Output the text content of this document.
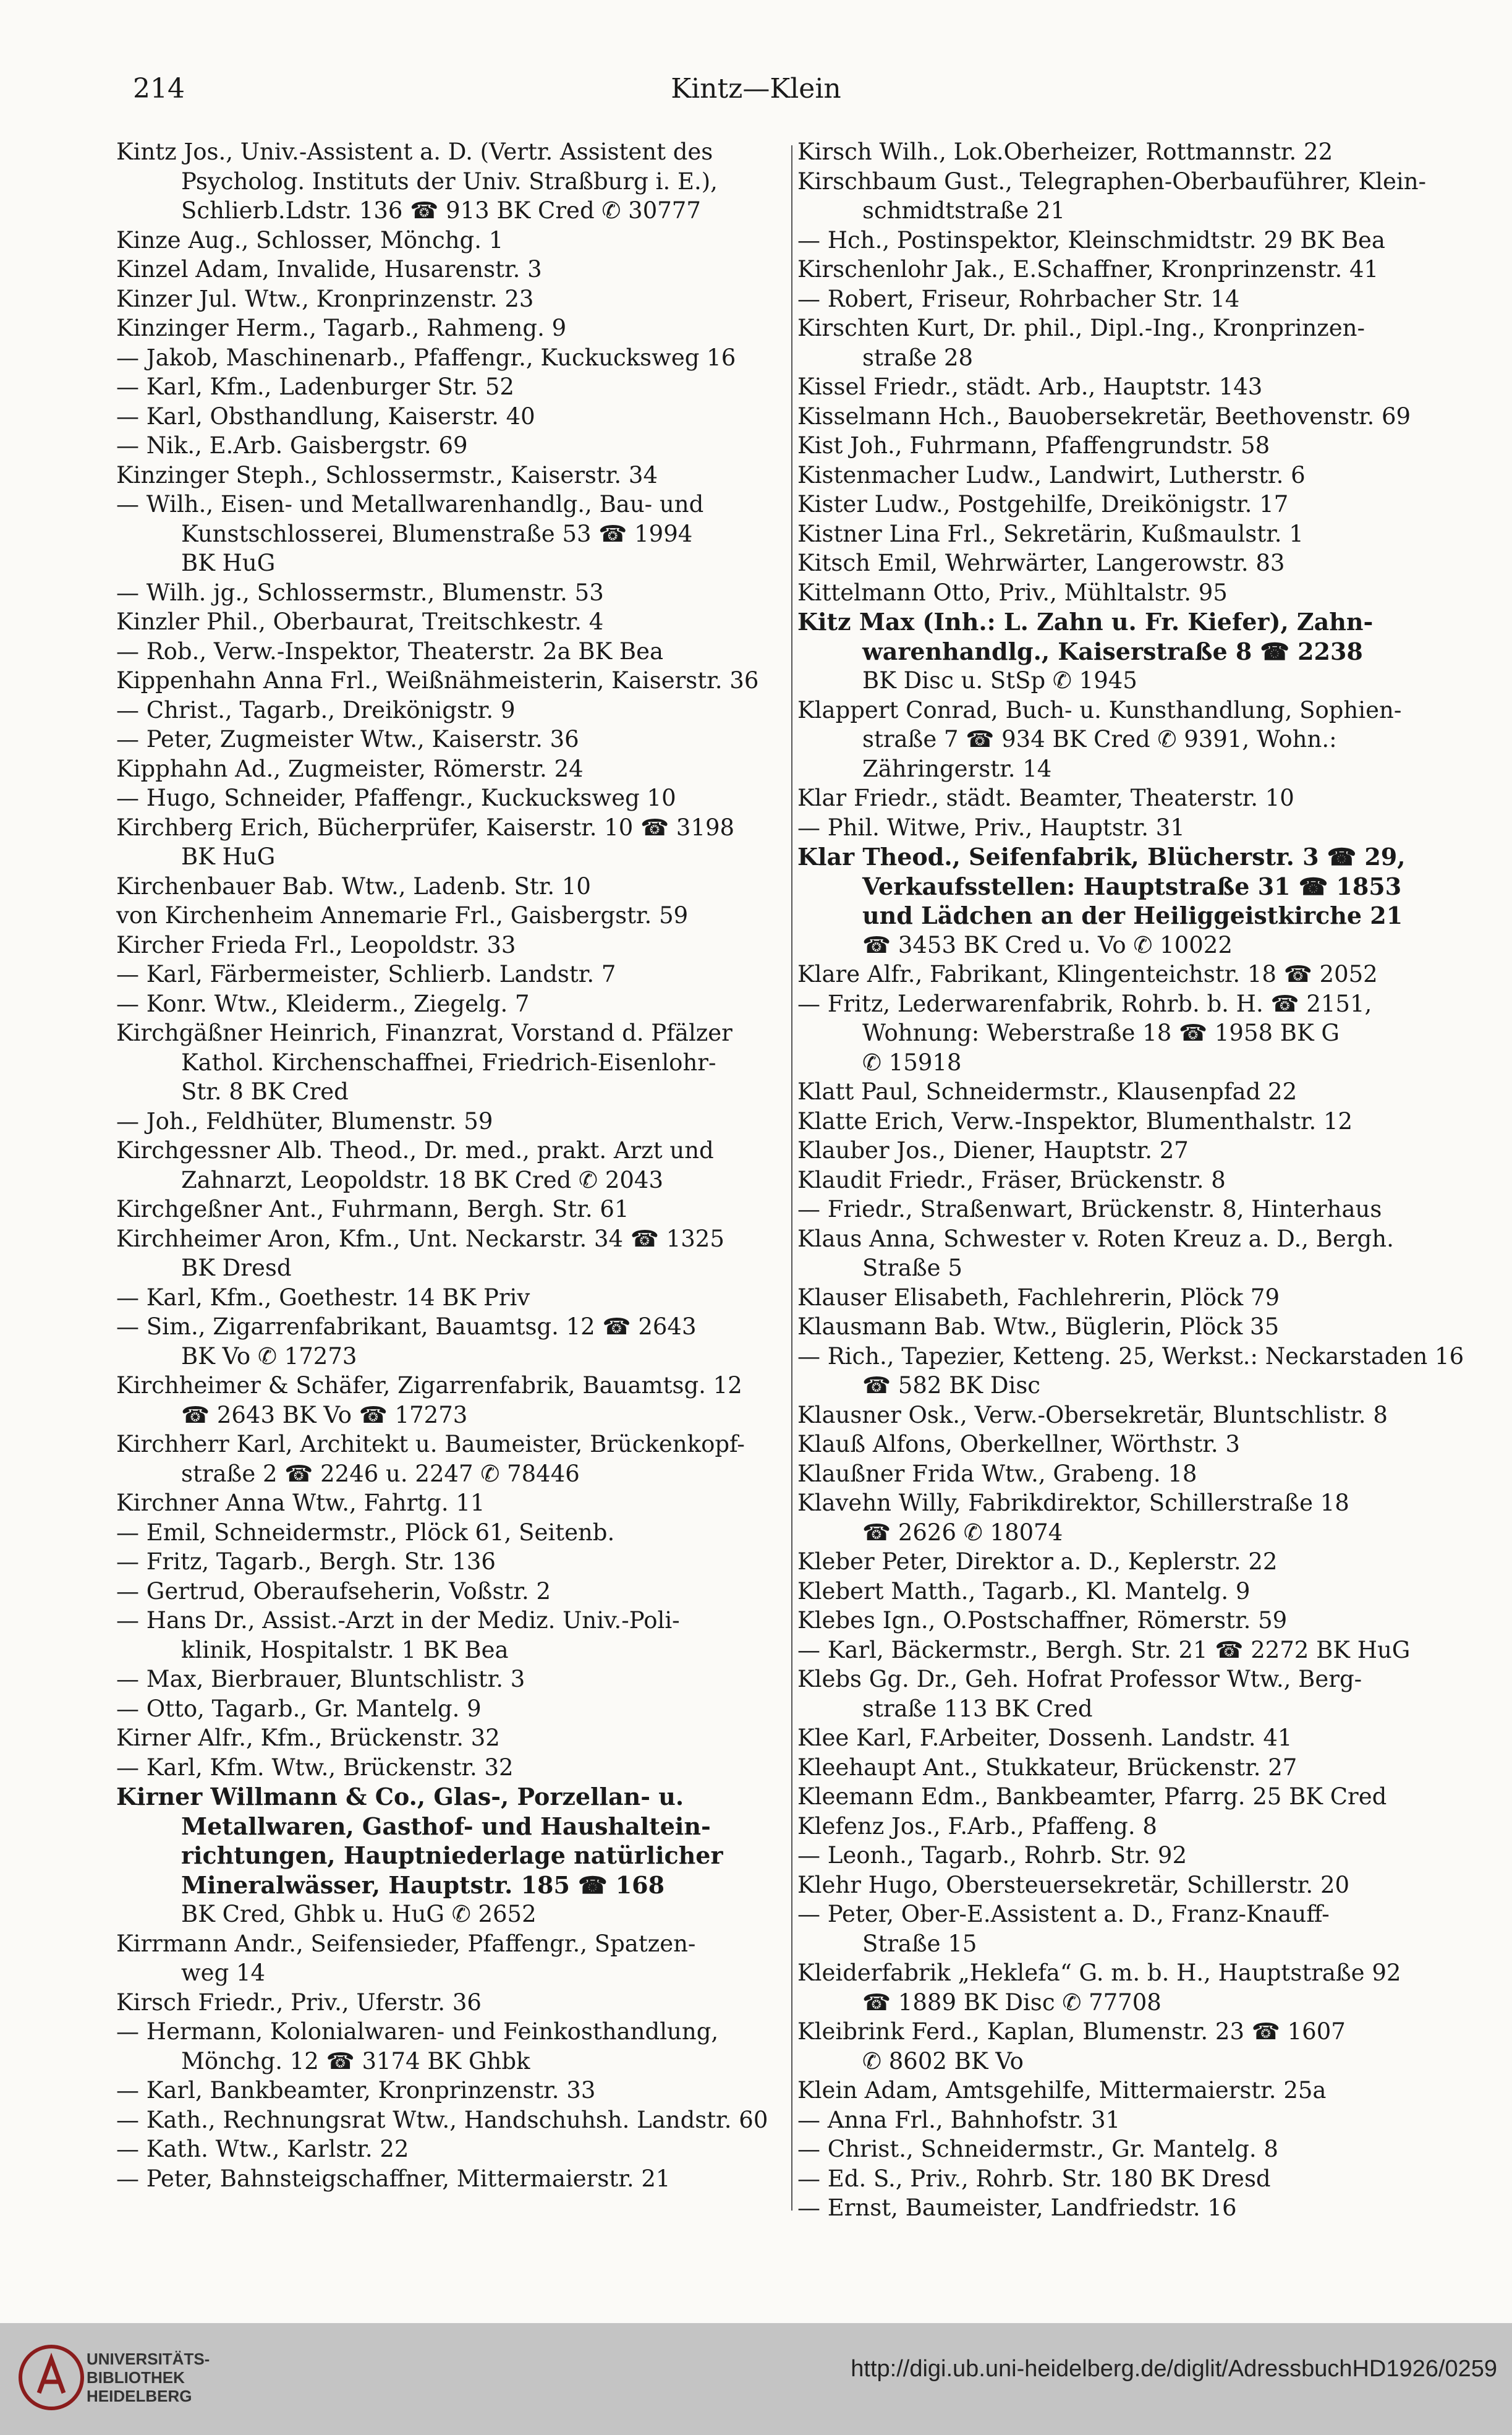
214	Kintz—Klein
Kintz Jos., Univ.-Assistent a. D. (Vertr. Assistent des
Psycholog. Instituts der Univ. Straßburg i. E.),
Schlierb.Ldstr. 136 ☎ 913 BK Cred ✆ 30777
Kinze Aug., Schlosser, Mönchg. 1
Kinzel Adam, Invalide, Husarenstr. 3
Kinzer Jul. Wtw., Kronprinzenstr. 23
Kinzinger Herm., Tagarb., Rahmeng. 9
— Jakob, Maschinenarb., Pfaffengr., Kuckucksweg 16
— Karl, Kfm., Ladenburger Str. 52
— Karl, Obsthandlung, Kaiserstr. 40
— Nik., E.Arb. Gaisbergstr. 69
Kinzinger Steph., Schlossermstr., Kaiserstr. 34
— Wilh., Eisen- und Metallwarenhandlg., Bau- und
Kunstschlosserei, Blumenstraße 53 ☎ 1994
BK HuG
— Wilh. jg., Schlossermstr., Blumenstr. 53
Kinzler Phil., Oberbaurat, Treitschkestr. 4
— Rob., Verw.-Inspektor, Theaterstr. 2a BK Bea
Kippenhahn Anna Frl., Weißnähmeisterin, Kaiserstr. 36
— Christ., Tagarb., Dreikönigstr. 9
— Peter, Zugmeister Wtw., Kaiserstr. 36
Kipphahn Ad., Zugmeister, Römerstr. 24
— Hugo, Schneider, Pfaffengr., Kuckucksweg 10
Kirchberg Erich, Bücherprüfer, Kaiserstr. 10 ☎ 3198
BK HuG
Kirchenbauer Bab. Wtw., Ladenb. Str. 10
von Kirchenheim Annemarie Frl., Gaisbergstr. 59
Kircher Frieda Frl., Leopoldstr. 33
— Karl, Färbermeister, Schlierb. Landstr. 7
— Konr. Wtw., Kleiderm., Ziegelg. 7
Kirchgäßner Heinrich, Finanzrat, Vorstand d. Pfälzer
Kathol. Kirchenschaffnei, Friedrich-Eisenlohr-
Str. 8 BK Cred
— Joh., Feldhüter, Blumenstr. 59
Kirchgessner Alb. Theod., Dr. med., prakt. Arzt und
Zahnarzt, Leopoldstr. 18 BK Cred ✆ 2043
Kirchgeßner Ant., Fuhrmann, Bergh. Str. 61
Kirchheimer Aron, Kfm., Unt. Neckarstr. 34 ☎ 1325
BK Dresd
— Karl, Kfm., Goethestr. 14 BK Priv
— Sim., Zigarrenfabrikant, Bauamtsg. 12 ☎ 2643
BK Vo ✆ 17273
Kirchheimer & Schäfer, Zigarrenfabrik, Bauamtsg. 12
☎ 2643 BK Vo ☎ 17273
Kirchherr Karl, Architekt u. Baumeister, Brückenkopf-
straße 2 ☎ 2246 u. 2247 ✆ 78446
Kirchner Anna Wtw., Fahrtg. 11
— Emil, Schneidermstr., Plöck 61, Seitenb.
— Fritz, Tagarb., Bergh. Str. 136
— Gertrud, Oberaufseherin, Voßstr. 2
— Hans Dr., Assist.-Arzt in der Mediz. Univ.-Poli-
klinik, Hospitalstr. 1 BK Bea
— Max, Bierbrauer, Bluntschlistr. 3
— Otto, Tagarb., Gr. Mantelg. 9
Kirner Alfr., Kfm., Brückenstr. 32
— Karl, Kfm. Wtw., Brückenstr. 32
Kirner Willmann & Co., Glas-, Porzellan- u.
Metallwaren, Gasthof- und Haushaltein-
richtungen, Hauptniederlage natürlicher
Mineralwässer, Hauptstr. 185 ☎ 168
BK Cred, Ghbk u. HuG ✆ 2652
Kirrmann Andr., Seifensieder, Pfaffengr., Spatzen-
weg 14
Kirsch Friedr., Priv., Uferstr. 36
— Hermann, Kolonialwaren- und Feinkosthandlung,
Mönchg. 12 ☎ 3174 BK Ghbk
— Karl, Bankbeamter, Kronprinzenstr. 33
— Kath., Rechnungsrat Wtw., Handschuhsh. Landstr. 60
— Kath. Wtw., Karlstr. 22
— Peter, Bahnsteigschaffner, Mittermaierstr. 21
Kirsch Wilh., Lok.Oberheizer, Rottmannstr. 22
Kirschbaum Gust., Telegraphen-Oberbauführer, Klein-
schmidtstraße 21
— Hch., Postinspektor, Kleinschmidtstr. 29 BK Bea
Kirschenlohr Jak., E.Schaffner, Kronprinzenstr. 41
— Robert, Friseur, Rohrbacher Str. 14
Kirschten Kurt, Dr. phil., Dipl.-Ing., Kronprinzen-
straße 28
Kissel Friedr., städt. Arb., Hauptstr. 143
Kisselmann Hch., Bauobersekretär, Beethovenstr. 69
Kist Joh., Fuhrmann, Pfaffengrundstr. 58
Kistenmacher Ludw., Landwirt, Lutherstr. 6
Kister Ludw., Postgehilfe, Dreikönigstr. 17
Kistner Lina Frl., Sekretärin, Kußmaulstr. 1
Kitsch Emil, Wehrwärter, Langerowstr. 83
Kittelmann Otto, Priv., Mühltalstr. 95
Kitz Max (Inh.: L. Zahn u. Fr. Kiefer), Zahn-
warenhandlg., Kaiserstraße 8 ☎ 2238
BK Disc u. StSp ✆ 1945
Klappert Conrad, Buch- u. Kunsthandlung, Sophien-
straße 7 ☎ 934 BK Cred ✆ 9391, Wohn.:
Zähringerstr. 14
Klar Friedr., städt. Beamter, Theaterstr. 10
— Phil. Witwe, Priv., Hauptstr. 31
Klar Theod., Seifenfabrik, Blücherstr. 3 ☎ 29,
Verkaufsstellen: Hauptstraße 31 ☎ 1853
und Lädchen an der Heiliggeistkirche 21
☎ 3453 BK Cred u. Vo ✆ 10022
Klare Alfr., Fabrikant, Klingenteichstr. 18 ☎ 2052
— Fritz, Lederwarenfabrik, Rohrb. b. H. ☎ 2151,
Wohnung: Weberstraße 18 ☎ 1958 BK G
✆ 15918
Klatt Paul, Schneidermstr., Klausenpfad 22
Klatte Erich, Verw.-Inspektor, Blumenthalstr. 12
Klauber Jos., Diener, Hauptstr. 27
Klaudit Friedr., Fräser, Brückenstr. 8
— Friedr., Straßenwart, Brückenstr. 8, Hinterhaus
Klaus Anna, Schwester v. Roten Kreuz a. D., Bergh.
Straße 5
Klauser Elisabeth, Fachlehrerin, Plöck 79
Klausmann Bab. Wtw., Büglerin, Plöck 35
— Rich., Tapezier, Ketteng. 25, Werkst.: Neckarstaden 16
☎ 582 BK Disc
Klausner Osk., Verw.-Obersekretär, Bluntschlistr. 8
Klauß Alfons, Oberkellner, Wörthstr. 3
Klaußner Frida Wtw., Grabeng. 18
Klavehn Willy, Fabrikdirektor, Schillerstraße 18
☎ 2626 ✆ 18074
Kleber Peter, Direktor a. D., Keplerstr. 22
Klebert Matth., Tagarb., Kl. Mantelg. 9
Klebes Ign., O.Postschaffner, Römerstr. 59
— Karl, Bäckermstr., Bergh. Str. 21 ☎ 2272 BK HuG
Klebs Gg. Dr., Geh. Hofrat Professor Wtw., Berg-
straße 113 BK Cred
Klee Karl, F.Arbeiter, Dossenh. Landstr. 41
Kleehaupt Ant., Stukkateur, Brückenstr. 27
Kleemann Edm., Bankbeamter, Pfarrg. 25 BK Cred
Klefenz Jos., F.Arb., Pfaffeng. 8
— Leonh., Tagarb., Rohrb. Str. 92
Klehr Hugo, Obersteuersekretär, Schillerstr. 20
— Peter, Ober-E.Assistent a. D., Franz-Knauff-
Straße 15
Kleiderfabrik „Heklefa“ G. m. b. H., Hauptstraße 92
☎ 1889 BK Disc ✆ 77708
Kleibrink Ferd., Kaplan, Blumenstr. 23 ☎ 1607
✆ 8602 BK Vo
Klein Adam, Amtsgehilfe, Mittermaierstr. 25a
— Anna Frl., Bahnhofstr. 31
— Christ., Schneidermstr., Gr. Mantelg. 8
— Ed. S., Priv., Rohrb. Str. 180 BK Dresd
— Ernst, Baumeister, Landfriedstr. 16
UNIVERSITÄTS-
BIBLIOTHEK
HEIDELBERG
http://digi.ub.uni-heidelberg.de/diglit/AdressbuchHD1926/0259
